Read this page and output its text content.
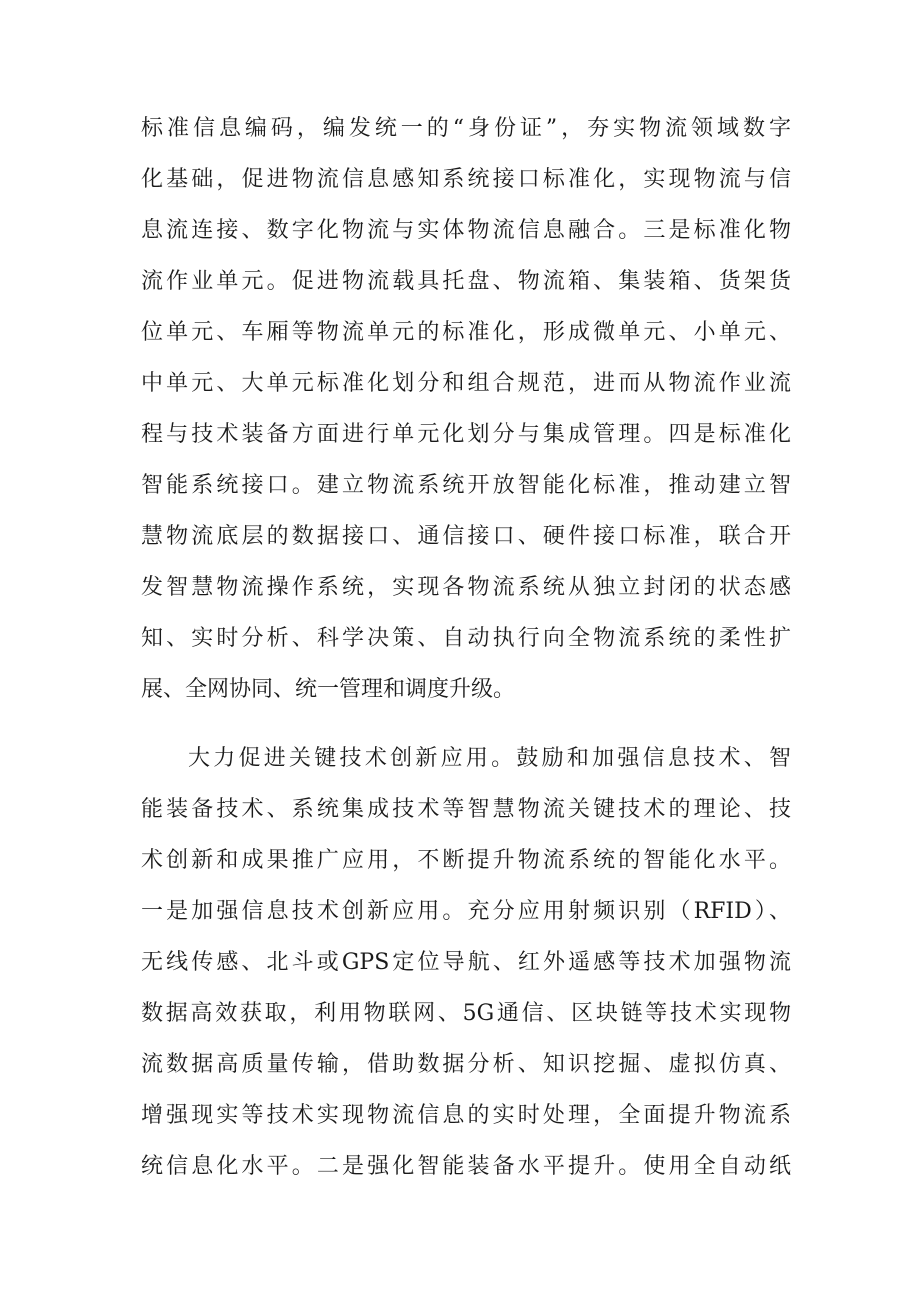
标准信息编码，编发统一的“身份证”，夯实物流领域数字
化基础，促进物流信息感知系统接口标准化，实现物流与信
息流连接、数字化物流与实体物流信息融合。三是标准化物
流作业单元。促进物流载具托盘、物流箱、集装箱、货架货
位单元、车厢等物流单元的标准化，形成微单元、小单元、
中单元、大单元标准化划分和组合规范，进而从物流作业流
程与技术装备方面进行单元化划分与集成管理。四是标准化
智能系统接口。建立物流系统开放智能化标准，推动建立智
慧物流底层的数据接口、通信接口、硬件接口标准，联合开
发智慧物流操作系统，实现各物流系统从独立封闭的状态感
知、实时分析、科学决策、自动执行向全物流系统的柔性扩
展、全网协同、统一管理和调度升级。
大力促进关键技术创新应用。鼓励和加强信息技术、智
能装备技术、系统集成技术等智慧物流关键技术的理论、技
术创新和成果推广应用，不断提升物流系统的智能化水平。
一是加强信息技术创新应用。充分应用射频识别（RFID）、
无线传感、北斗或GPS定位导航、红外遥感等技术加强物流
数据高效获取，利用物联网、5G通信、区块链等技术实现物
流数据高质量传输，借助数据分析、知识挖掘、虚拟仿真、
增强现实等技术实现物流信息的实时处理，全面提升物流系
统信息化水平。二是强化智能装备水平提升。使用全自动纸
